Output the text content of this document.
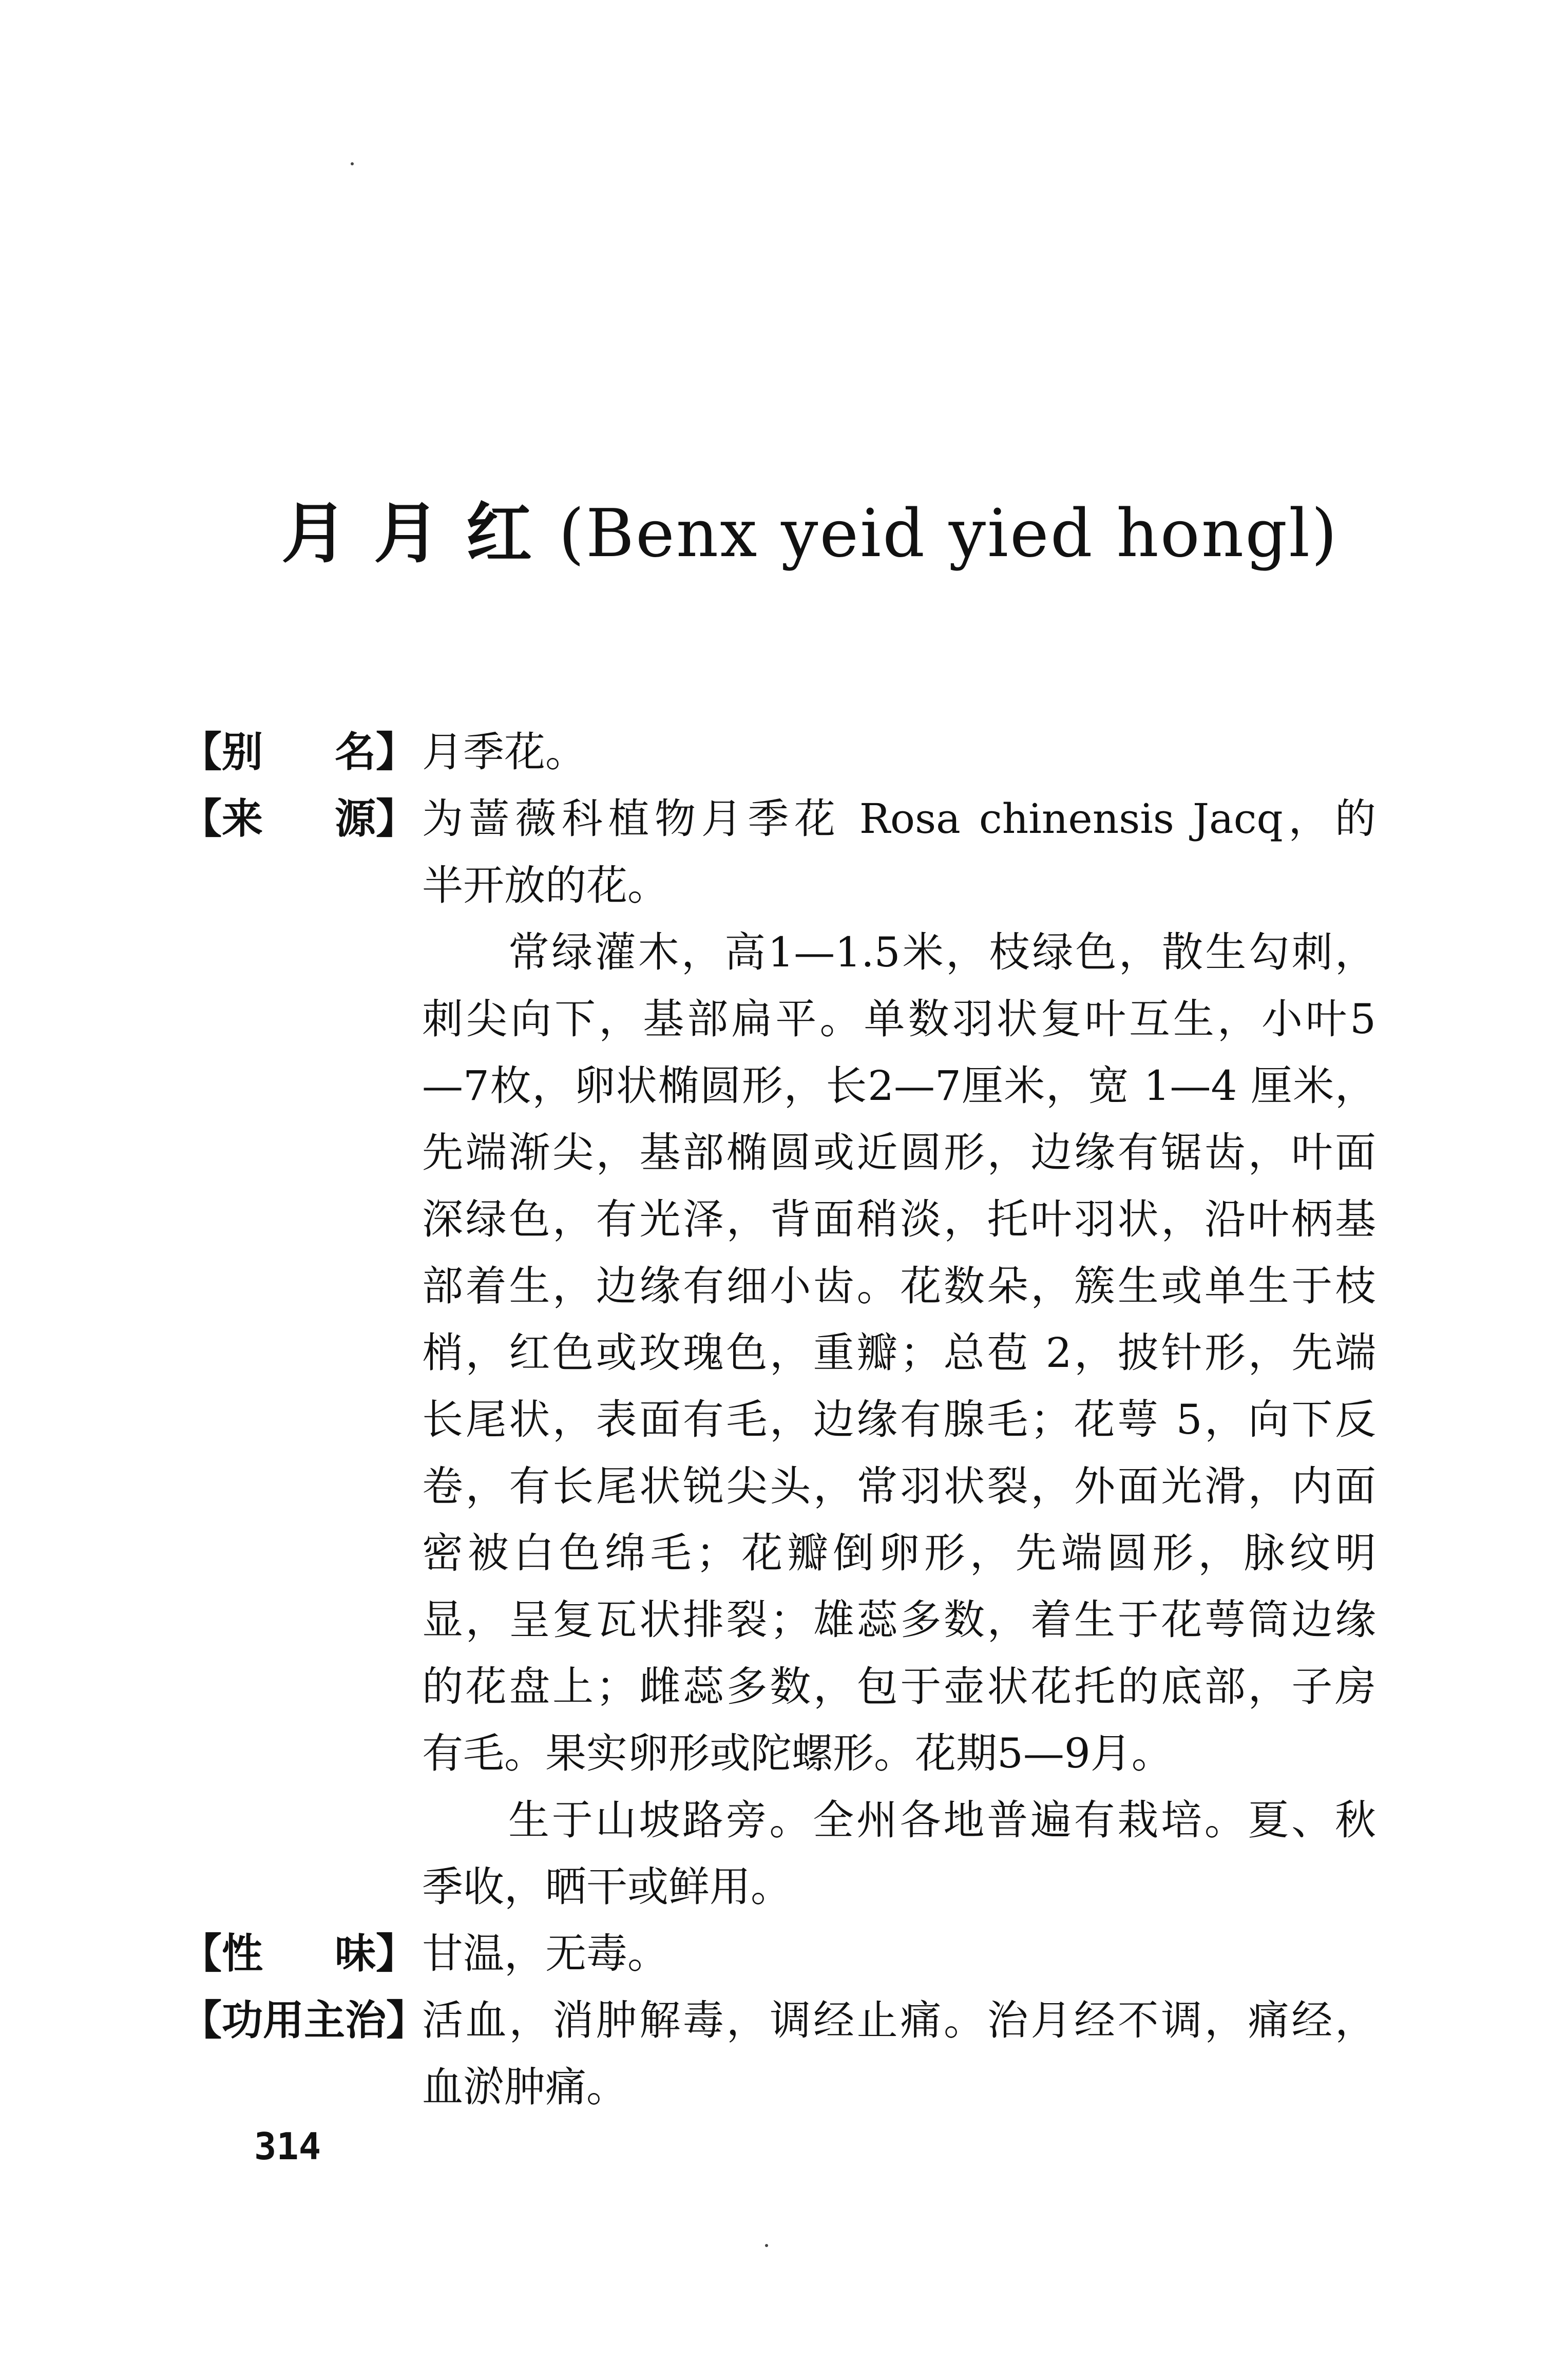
月月红(Benx yeid yied hongl)
【别 名】 月季花。
【来 源】 为蔷薇科植物月季花 Rosa chinensis Jacq，的
半开放的花。
常绿灌木，高1—1.5米，枝绿色，散生勾刺，
刺尖向下，基部扁平。单数羽状复叶互生，小叶5
—7枚，卵状椭圆形，长2—7厘米，宽 1—4 厘米，
先端渐尖，基部椭圆或近圆形，边缘有锯齿，叶面
深绿色，有光泽，背面稍淡，托叶羽状，沿叶柄基
部着生，边缘有细小齿。花数朵，簇生或单生于枝
梢，红色或玫瑰色，重瓣；总苞 2，披针形，先端
长尾状，表面有毛，边缘有腺毛；花萼 5，向下反
卷，有长尾状锐尖头，常羽状裂，外面光滑，内面
密被白色绵毛；花瓣倒卵形，先端圆形，脉纹明
显，呈复瓦状排裂；雄蕊多数，着生于花萼筒边缘
的花盘上；雌蕊多数，包于壶状花托的底部，子房
有毛。果实卵形或陀螺形。花期5—9月。
生于山坡路旁。全州各地普遍有栽培。夏、秋
季收，晒干或鲜用。
【性 味】 甘温，无毒。
【功用主治】
活血，消肿解毒，调经止痛。治月经不调，痛经，
血淤肿痛。
314
